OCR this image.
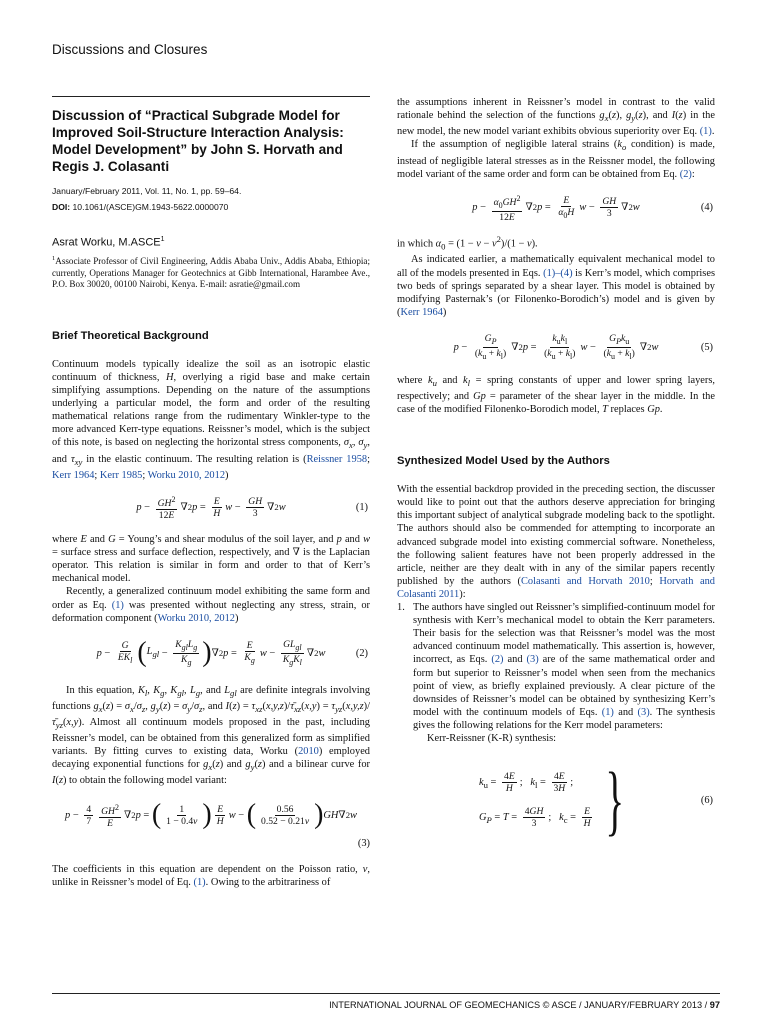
Discussions and Closures
Discussion of “Practical Subgrade Model for Improved Soil-Structure Interaction Analysis: Model Development” by John S. Horvath and Regis J. Colasanti
January/February 2011, Vol. 11, No. 1, pp. 59–64.
DOI: 10.1061/(ASCE)GM.1943-5622.0000070
Asrat Worku, M.ASCE$^1$
$^1$Associate Professor of Civil Engineering, Addis Ababa Univ., Addis Ababa, Ethiopia; currently, Operations Manager for Geotechnics at Gibb International, Harambee Ave., P.O. Box 30020, 00100 Nairobi, Kenya. E-mail: asratie@gmail.com
Brief Theoretical Background

Continuum models typically idealize the soil as an isotropic elastic continuum of thickness, H, overlying a rigid base and make certain simplifying assumptions. Depending on the nature of the assumptions underlying a particular model, the form and order of the resulting mathematical relations range from the rudimentary Winkler-type to the more advanced Kerr-type equations. Reissner’s model, which is the subject of this note, is based on neglecting the horizontal stress components, $\sigma_x$, $\sigma_y$, and $\tau_{xy}$ in the elastic continuum. The resulting relation is (Reissner 1958; Kerr 1964; Kerr 1985; Worku 2010, 2012)

$p - \frac{GH^2}{12E}$ ∇ 2 $p = \frac{E}{H}$ $w - \frac{GH}{3}$ ∇ 2 w	(1)

where E and G = Young’s and shear modulus of the soil layer, and p and w = surface stress and surface deflection, respectively, and ∇ is the Laplacian operator. This relation is similar in form and order to that of Kerr’s mechanical model.

Recently, a generalized continuum model exhibiting the same form and order as Eq. (1) was presented without neglecting any stress, strain, or deformation component (Worku 2010, 2012)

$p - \frac{G}{EK_l}$ ( $L_{gl} - \frac{K_{gl}L_g}{K_g}$ ) ∇ 2 $p = \frac{E}{K_g}$ $w - \frac{GL_{gl}}{K_gK_l}$ ∇ 2 w	(2)

In this equation, $K_l$, $K_g$, $K_{gl}$, $L_g$, and $L_{gl}$ are definite integrals involving functions $g_x(z) = \sigma_x/\sigma_z$, $g_y(z) = \sigma_y/\sigma_z$, and $I(z) = \tau_{xz}(x,y,z)/\taū_{xz}(x,y)$ = $\tau_{yz}(x,y,z)/\taū_{yz}(x,y)$. Almost all continuum models proposed in the past, including Reissner’s model, can be obtained from this generalized form as simplified variants. By fitting curves to existing data, Worku (2010) employed decaying exponential functions for $g_x(z)$ and $g_y(z)$ and a bilinear curve for I(z) to obtain the following model variant:

$p - \frac{4}{7} \frac{GH^2}{E}$ ∇ 2 p = ( $\frac{1}{1 - 0.4\nu}$ ) $\frac{E}{H}$ w − ( $\frac{0.56}{0.52 - 0.21\nu}$ ) GH ∇ 2 w
(3)

The coefficients in this equation are dependent on the Poisson ratio, ν, unlike in Reissner’s model of Eq. (1). Owing to the arbitrariness of

the assumptions inherent in Reissner’s model in contrast to the valid rationale behind the selection of the functions $g_x(z)$, $g_y(z)$, and I(z) in the new model, the new model variant exhibits obvious superiority over Eq. (1).

If the assumption of negligible lateral strains ($k_o$ condition) is made, instead of negligible lateral stresses as in the Reissner model, the following model variant of the same order and form can be obtained from Eq. (2):

$p - \frac{\alpha_0GH^2}{12E}$ ∇ 2 $p = \frac{E}{\alpha_0H}$ $w - \frac{GH}{3}$ ∇ 2 w	(4)

in which $\alpha_0 = (1 - \nu - \nu^2)/(1 - \nu)$.

As indicated earlier, a mathematically equivalent mechanical model to all of the models presented in Eqs. (1)–(4) is Kerr’s model, which comprises two beds of springs separated by a shear layer. This model is obtained by modifying Pasternak’s (or Filonenko-Borodich’s) model and is given by (Kerr 1964)

$p - \frac{G_P}{(k_u + k_l)}$ ∇ 2 $p = \frac{k_uk_l}{(k_u + k_l)}$ $w - \frac{G_Pk_u}{(k_u + k_l)}$ ∇ 2 w	(5)

where $k_u$ and $k_l$ = spring constants of upper and lower spring layers, respectively; and Gp = parameter of the shear layer in the middle. In the case of the modified Filonenko-Borodich model, T replaces Gp.

Synthesized Model Used by the Authors

With the essential backdrop provided in the preceding section, the discusser would like to point out that the authors deserve appreciation for bringing this important subject of analytical subgrade modeling back to the spotlight. The authors should also be commended for attempting to incorporate an advanced subgrade model into existing commercial software. Nonetheless, the following salient features have not been properly addressed in the article, neither are they dealt with in any of the similar papers recently published by the authors (Colasanti and Horvath 2010; Horvath and Colasanti 2011):

1. The authors have singled out Reissner’s simplified-continuum model for synthesis with Kerr’s mechanical model to obtain the Kerr parameters. Their basis for the selection was that Reissner’s model was the most advanced continuum model mathematically. This assertion is, however, incorrect, as Eqs. (2) and (3) are of the same mathematical order and form but superior to Reissner’s model when seen from the mechanics point of view, as briefly explained previously. A clear picture of the downsides of Reissner’s model can be obtained by synthesizing Kerr’s model with the continuum models of Eqs. (1) and (3). The synthesis gives the following relations for the Kerr model parameters:
Kerr-Reissner (K-R) synthesis:
$k_u = \frac{4E}{H}$ ;   $k_l = \frac{4E}{3H}$ ;
$G_P = T = \frac{4GH}{3}$ ;   $k_c = \frac{E}{H}$ }	(6)
INTERNATIONAL JOURNAL OF GEOMECHANICS © ASCE / JANUARY/FEBRUARY 2013 / 97
